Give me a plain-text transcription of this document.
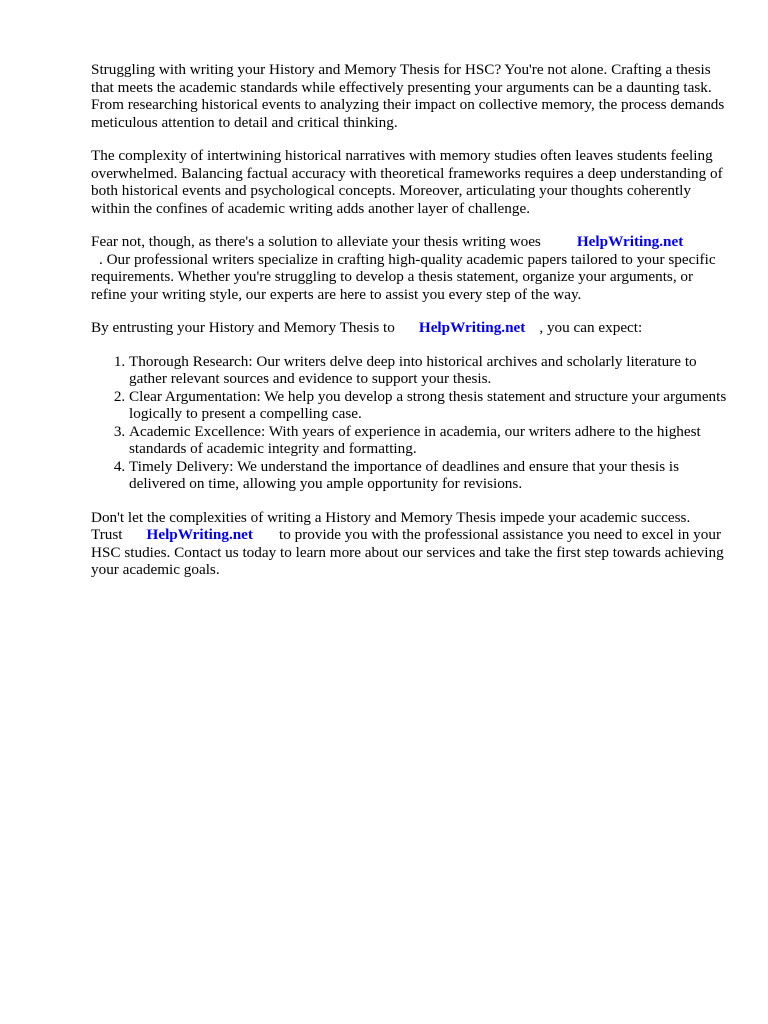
Struggling with writing your History and Memory Thesis for HSC? You're not alone. Crafting a thesis that meets the academic standards while effectively presenting your arguments can be a daunting task. From researching historical events to analyzing their impact on collective memory, the process demands meticulous attention to detail and critical thinking.

The complexity of intertwining historical narratives with memory studies often leaves students feeling overwhelmed. Balancing factual accuracy with theoretical frameworks requires a deep understanding of both historical events and psychological concepts. Moreover, articulating your thoughts coherently within the confines of academic writing adds another layer of challenge.

Fear not, though, as there's a solution to alleviate your thesis writing woes HelpWriting.net
. Our professional writers specialize in crafting high-quality academic papers tailored to your specific requirements. Whether you're struggling to develop a thesis statement, organize your arguments, or refine your writing style, our experts are here to assist you every step of the way.

By entrusting your History and Memory Thesis to HelpWriting.net , you can expect:

1. Thorough Research: Our writers delve deep into historical archives and scholarly literature to gather relevant sources and evidence to support your thesis.
2. Clear Argumentation: We help you develop a strong thesis statement and structure your arguments logically to present a compelling case.
3. Academic Excellence: With years of experience in academia, our writers adhere to the highest standards of academic integrity and formatting.
4. Timely Delivery: We understand the importance of deadlines and ensure that your thesis is delivered on time, allowing you ample opportunity for revisions.

Don't let the complexities of writing a History and Memory Thesis impede your academic success. Trust HelpWriting.net to provide you with the professional assistance you need to excel in your HSC studies. Contact us today to learn more about our services and take the first step towards achieving your academic goals.
